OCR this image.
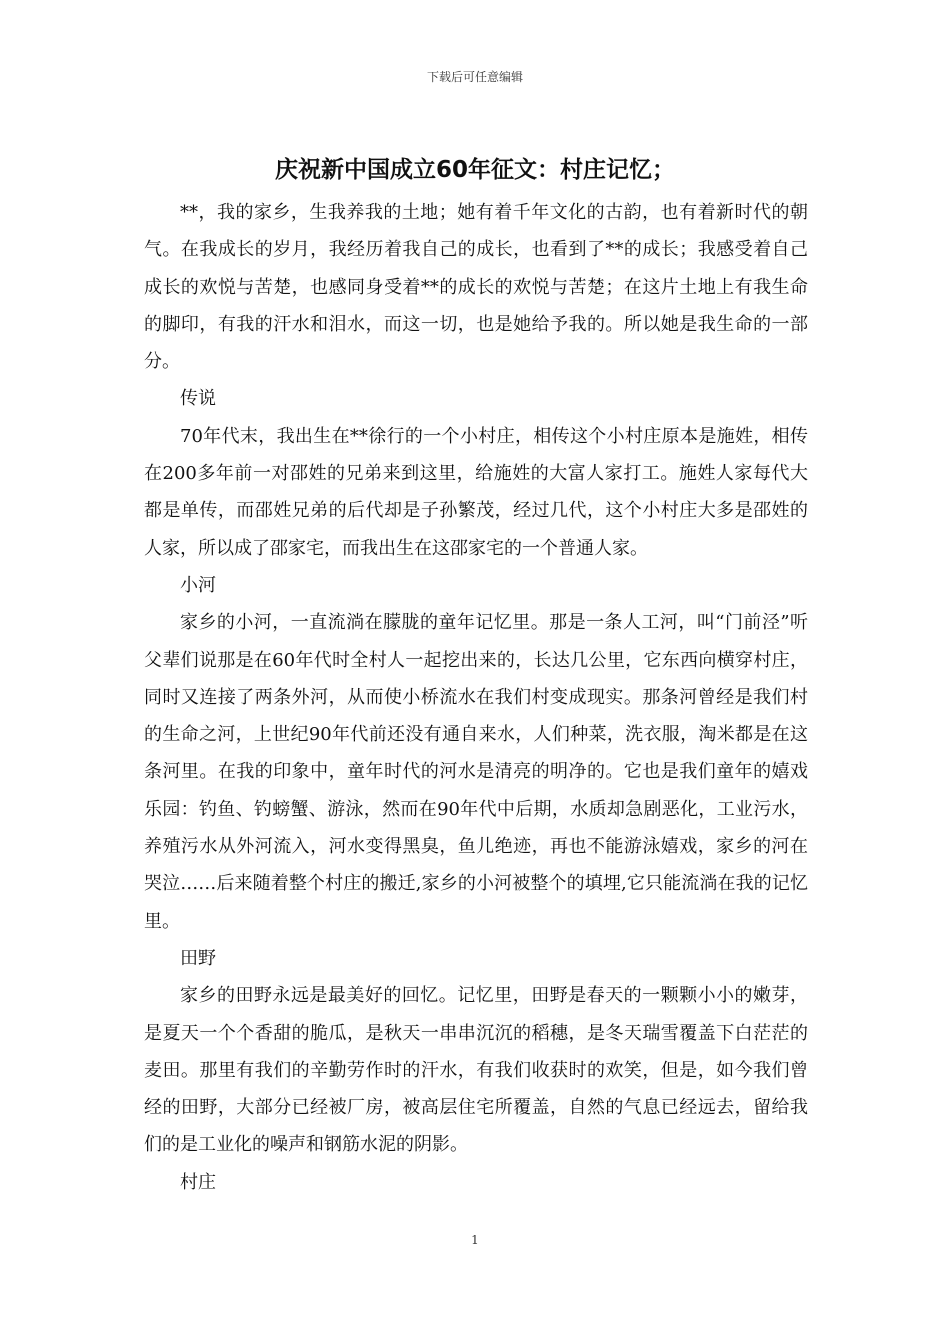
下载后可任意编辑
庆祝新中国成立60年征文：村庄记忆；

**，我的家乡，生我养我的土地；她有着千年文化的古韵，也有着新时代的朝气。在我成长的岁月，我经历着我自己的成长，也看到了**的成长；我感受着自己成长的欢悦与苦楚，也感同身受着**的成长的欢悦与苦楚；在这片土地上有我生命的脚印，有我的汗水和泪水，而这一切，也是她给予我的。所以她是我生命的一部分。

传说

70年代末，我出生在**徐行的一个小村庄，相传这个小村庄原本是施姓，相传在200多年前一对邵姓的兄弟来到这里，给施姓的大富人家打工。施姓人家每代大都是单传，而邵姓兄弟的后代却是子孙繁茂，经过几代，这个小村庄大多是邵姓的人家，所以成了邵家宅，而我出生在这邵家宅的一个普通人家。

小河

家乡的小河，一直流淌在朦胧的童年记忆里。那是一条人工河，叫“门前泾”听父辈们说那是在60年代时全村人一起挖出来的，长达几公里，它东西向横穿村庄，同时又连接了两条外河，从而使小桥流水在我们村变成现实。那条河曾经是我们村的生命之河，上世纪90年代前还没有通自来水，人们种菜，洗衣服，淘米都是在这条河里。在我的印象中，童年时代的河水是清亮的明净的。它也是我们童年的嬉戏乐园：钓鱼、钓螃蟹、游泳，然而在90年代中后期，水质却急剧恶化，工业污水，养殖污水从外河流入，河水变得黑臭，鱼儿绝迹，再也不能游泳嬉戏，家乡的河在哭泣……后来随着整个村庄的搬迁,家乡的小河被整个的填埋,它只能流淌在我的记忆里。

田野

家乡的田野永远是最美好的回忆。记忆里，田野是春天的一颗颗小小的嫩芽，是夏天一个个香甜的脆瓜，是秋天一串串沉沉的稻穗，是冬天瑞雪覆盖下白茫茫的麦田。那里有我们的辛勤劳作时的汗水，有我们收获时的欢笑，但是，如今我们曾经的田野，大部分已经被厂房，被高层住宅所覆盖，自然的气息已经远去，留给我们的是工业化的噪声和钢筋水泥的阴影。

村庄

1
